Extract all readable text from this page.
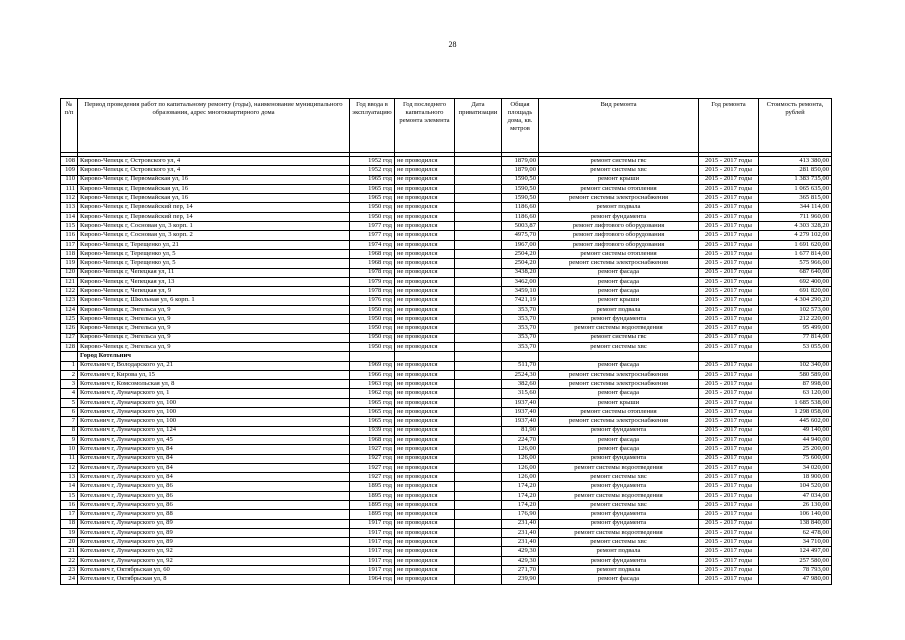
28
№ п/п	Период проведения работ по капитальному ремонту (годы), наименование муниципального образования, адрес многоквартирного дома	Год ввода в эксплуатацию	Год последнего капитального ремонта элемента	Дата приватизации	Общая площадь дома, кв. метров	Вид ремонта	Год ремонта	Стоимость ремонта, рублей

108	Кирово-Чепецк г, Островского ул, 4	1952 год	не проводился		1879,00	ремонт системы гвс	2015 - 2017 годы	413 380,00
109	Кирово-Чепецк г, Островского ул, 4	1952 год	не проводился		1879,00	ремонт системы хвс	2015 - 2017 годы	281 850,00
110	Кирово-Чепецк г, Первомайская ул, 16	1965 год	не проводился		1590,50	ремонт крыши	2015 - 2017 годы	1 383 735,00
111	Кирово-Чепецк г, Первомайская ул, 16	1965 год	не проводился		1590,50	ремонт системы отопления	2015 - 2017 годы	1 065 635,00
112	Кирово-Чепецк г, Первомайская ул, 16	1965 год	не проводился		1590,50	ремонт системы электроснабжения	2015 - 2017 годы	365 815,00
113	Кирово-Чепецк г, Первомайский пер, 14	1950 год	не проводился		1186,60	ремонт подвала	2015 - 2017 годы	344 114,00
114	Кирово-Чепецк г, Первомайский пер, 14	1950 год	не проводился		1186,60	ремонт фундамента	2015 - 2017 годы	711 960,00
115	Кирово-Чепецк г, Сосновая ул, 3 корп. 1	1977 год	не проводился		5003,87	ремонт лифтового оборудования	2015 - 2017 годы	4 303 328,20
116	Кирово-Чепецк г, Сосновая ул, 3 корп. 2	1977 год	не проводился		4975,70	ремонт лифтового оборудования	2015 - 2017 годы	4 279 102,00
117	Кирово-Чепецк г, Терещенко ул, 21	1974 год	не проводился		1967,00	ремонт лифтового оборудования	2015 - 2017 годы	1 691 620,00
118	Кирово-Чепецк г, Терещенко ул, 5	1968 год	не проводился		2504,20	ремонт системы отопления	2015 - 2017 годы	1 677 814,00
119	Кирово-Чепецк г, Терещенко ул, 5	1968 год	не проводился		2504,20	ремонт системы электроснабжения	2015 - 2017 годы	575 966,00
120	Кирово-Чепецк г, Чепецкая ул, 11	1978 год	не проводился		3438,20	ремонт фасада	2015 - 2017 годы	687 640,00
121	Кирово-Чепецк г, Чепецкая ул, 13	1979 год	не проводился		3462,00	ремонт фасада	2015 - 2017 годы	692 400,00
122	Кирово-Чепецк г, Чепецкая ул, 9	1978 год	не проводился		3459,10	ремонт фасада	2015 - 2017 годы	691 820,00
123	Кирово-Чепецк г, Школьная ул, 6 корп. 1	1976 год	не проводился		7421,19	ремонт крыши	2015 - 2017 годы	4 304 290,20
124	Кирово-Чепецк г, Энгельса ул, 9	1950 год	не проводился		353,70	ремонт подвала	2015 - 2017 годы	102 573,00
125	Кирово-Чепецк г, Энгельса ул, 9	1950 год	не проводился		353,70	ремонт фундамента	2015 - 2017 годы	212 220,00
126	Кирово-Чепецк г, Энгельса ул, 9	1950 год	не проводился		353,70	ремонт системы водоотведения	2015 - 2017 годы	95 499,00
127	Кирово-Чепецк г, Энгельса ул, 9	1950 год	не проводился		353,70	ремонт системы гвс	2015 - 2017 годы	77 814,00
128	Кирово-Чепецк г, Энгельса ул, 9	1950 год	не проводился		353,70	ремонт системы хвс	2015 - 2017 годы	53 055,00
	Город Котельнич							
1	Котельнич г, Володарского ул, 21	1969 год	не проводился		511,70	ремонт фасада	2015 - 2017 годы	102 340,00
2	Котельнич г, Кирова ул, 15	1966 год	не проводился		2524,30	ремонт системы электроснабжения	2015 - 2017 годы	580 589,00
3	Котельнич г, Комсомольская ул, 8	1963 год	не проводился		382,60	ремонт системы электроснабжения	2015 - 2017 годы	87 998,00
4	Котельнич г, Луначарского ул, 1	1962 год	не проводился		315,60	ремонт фасада	2015 - 2017 годы	63 120,00
5	Котельнич г, Луначарского ул, 100	1965 год	не проводился		1937,40	ремонт крыши	2015 - 2017 годы	1 685 538,00
6	Котельнич г, Луначарского ул, 100	1965 год	не проводился		1937,40	ремонт системы отопления	2015 - 2017 годы	1 298 058,00
7	Котельнич г, Луначарского ул, 100	1965 год	не проводился		1937,40	ремонт системы электроснабжения	2015 - 2017 годы	445 602,00
8	Котельнич г, Луначарского ул, 124	1939 год	не проводился		81,90	ремонт фундамента	2015 - 2017 годы	49 140,00
9	Котельнич г, Луначарского ул, 45	1968 год	не проводился		224,70	ремонт фасада	2015 - 2017 годы	44 940,00
10	Котельнич г, Луначарского ул, 84	1927 год	не проводился		126,00	ремонт фасада	2015 - 2017 годы	25 200,00
11	Котельнич г, Луначарского ул, 84	1927 год	не проводился		126,00	ремонт фундамента	2015 - 2017 годы	75 600,00
12	Котельнич г, Луначарского ул, 84	1927 год	не проводился		126,00	ремонт системы водоотведения	2015 - 2017 годы	34 020,00
13	Котельнич г, Луначарского ул, 84	1927 год	не проводился		126,00	ремонт системы хвс	2015 - 2017 годы	18 900,00
14	Котельнич г, Луначарского ул, 86	1895 год	не проводился		174,20	ремонт фундамента	2015 - 2017 годы	104 520,00
15	Котельнич г, Луначарского ул, 86	1895 год	не проводился		174,20	ремонт системы водоотведения	2015 - 2017 годы	47 034,00
16	Котельнич г, Луначарского ул, 86	1895 год	не проводился		174,20	ремонт системы хвс	2015 - 2017 годы	26 130,00
17	Котельнич г, Луначарского ул, 88	1895 год	не проводился		176,90	ремонт фундамента	2015 - 2017 годы	106 140,00
18	Котельнич г, Луначарского ул, 89	1917 год	не проводился		231,40	ремонт фундамента	2015 - 2017 годы	138 840,00
19	Котельнич г, Луначарского ул, 89	1917 год	не проводился		231,40	ремонт системы водоотведения	2015 - 2017 годы	62 478,00
20	Котельнич г, Луначарского ул, 89	1917 год	не проводился		231,40	ремонт системы хвс	2015 - 2017 годы	34 710,00
21	Котельнич г, Луначарского ул, 92	1917 год	не проводился		429,30	ремонт подвала	2015 - 2017 годы	124 497,00
22	Котельнич г, Луначарского ул, 92	1917 год	не проводился		429,30	ремонт фундамента	2015 - 2017 годы	257 580,00
23	Котельнич г, Октябрьская ул, 60	1917 год	не проводился		271,70	ремонт подвала	2015 - 2017 годы	78 793,00
24	Котельнич г, Октябрьская ул, 8	1964 год	не проводился		239,90	ремонт фасада	2015 - 2017 годы	47 980,00
